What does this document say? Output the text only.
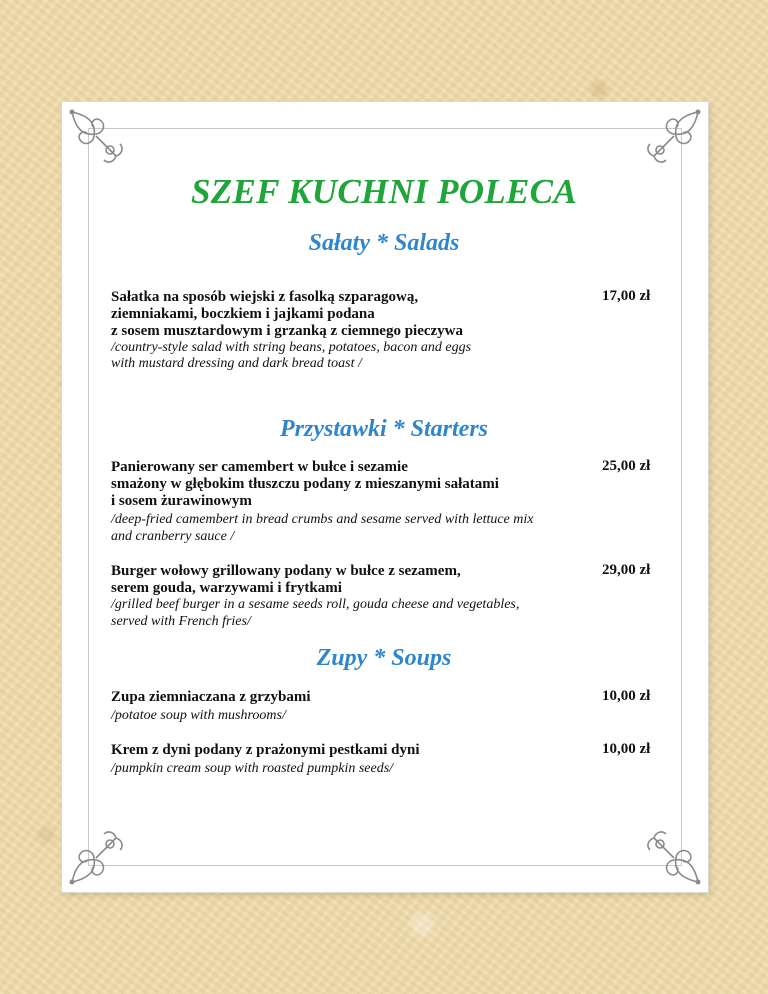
SZEF KUCHNI POLECA
Sałaty * Salads
Sałatka na sposób wiejski z fasolką szparagową,
ziemniakami, boczkiem i jajkami podana
z sosem musztardowym i grzanką z ciemnego pieczywa
/country-style salad with string beans, potatoes, bacon and eggs
with mustard dressing and dark bread toast /
17,00 zł
Przystawki * Starters
Panierowany ser camembert w bułce i sezamie
smażony w głębokim tłuszczu podany z mieszanymi sałatami
i sosem żurawinowym
/deep-fried camembert in bread crumbs and sesame served with lettuce mix
and cranberry sauce /
25,00 zł
Burger wołowy grillowany podany w bułce z sezamem,
serem gouda, warzywami i frytkami
/grilled beef burger in a sesame seeds roll, gouda cheese and vegetables,
served with French fries/
29,00 zł
Zupy * Soups
Zupa ziemniaczana z grzybami
/potatoe soup with mushrooms/
10,00 zł
Krem z dyni podany z prażonymi pestkami dyni
/pumpkin cream soup with roasted pumpkin seeds/
10,00 zł
